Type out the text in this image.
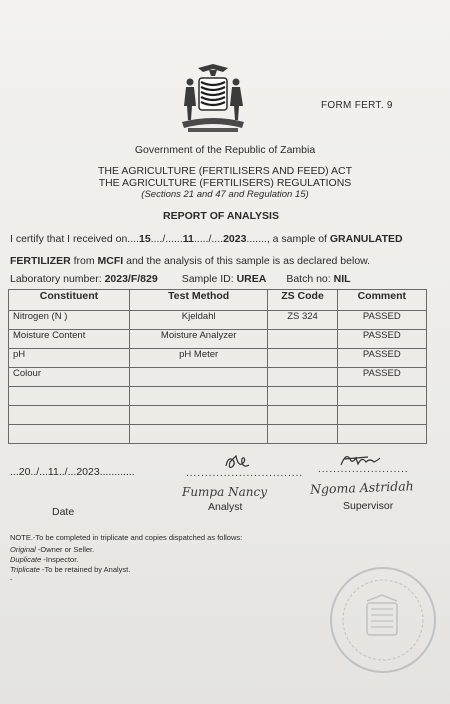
FORM FERT. 9
Government of the Republic of Zambia
THE AGRICULTURE (FERTILISERS AND FEED) ACT
THE AGRICULTURE (FERTILISERS) REGULATIONS
(Sections 21 and 47 and Regulation 15)
REPORT OF ANALYSIS
I certify that I received on....15..../......11...../....2023......., a sample of GRANULATED
FERTILIZER from MCFI and the analysis of this sample is as declared below.
Laboratory number: 2023/F/829 Sample ID: UREA Batch no: NIL
Constituent	Test Method	ZS Code	Comment
Nitrogen (N )	Kjeldahl	ZS 324	PASSED
Moisture Content	Moisture Analyzer		PASSED
pH	pH Meter		PASSED
Colour			PASSED

...20../...11../...2023............	............................... ........................
Fumpa Nancy	Ngoma Astridah
Date	Analyst	Supervisor
NOTE.-To be completed in triplicate and copies dispatched as follows:
Original -Owner or Seller.
Duplicate -Inspector.
Triplicate -To be retained by Analyst.
-
